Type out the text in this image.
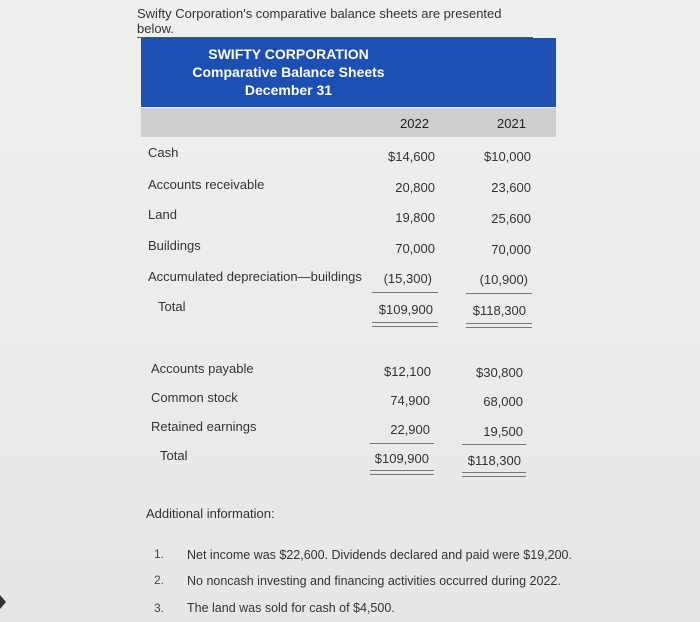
Swifty Corporation's comparative balance sheets are presented below.
SWIFTY CORPORATION
Comparative Balance Sheets
December 31
2022	2021
Cash	$14,600	$10,000
Accounts receivable	20,800	23,600
Land	19,800	25,600
Buildings	70,000	70,000
Accumulated depreciation—buildings	(15,300)	(10,900)
Total	$109,900	$118,300
Accounts payable	$12,100	$30,800
Common stock	74,900	68,000
Retained earnings	22,900	19,500
Total	$109,900	$118,300
Additional information:
1. Net income was $22,600. Dividends declared and paid were $19,200.
2. No noncash investing and financing activities occurred during 2022.
3. The land was sold for cash of $4,500.
